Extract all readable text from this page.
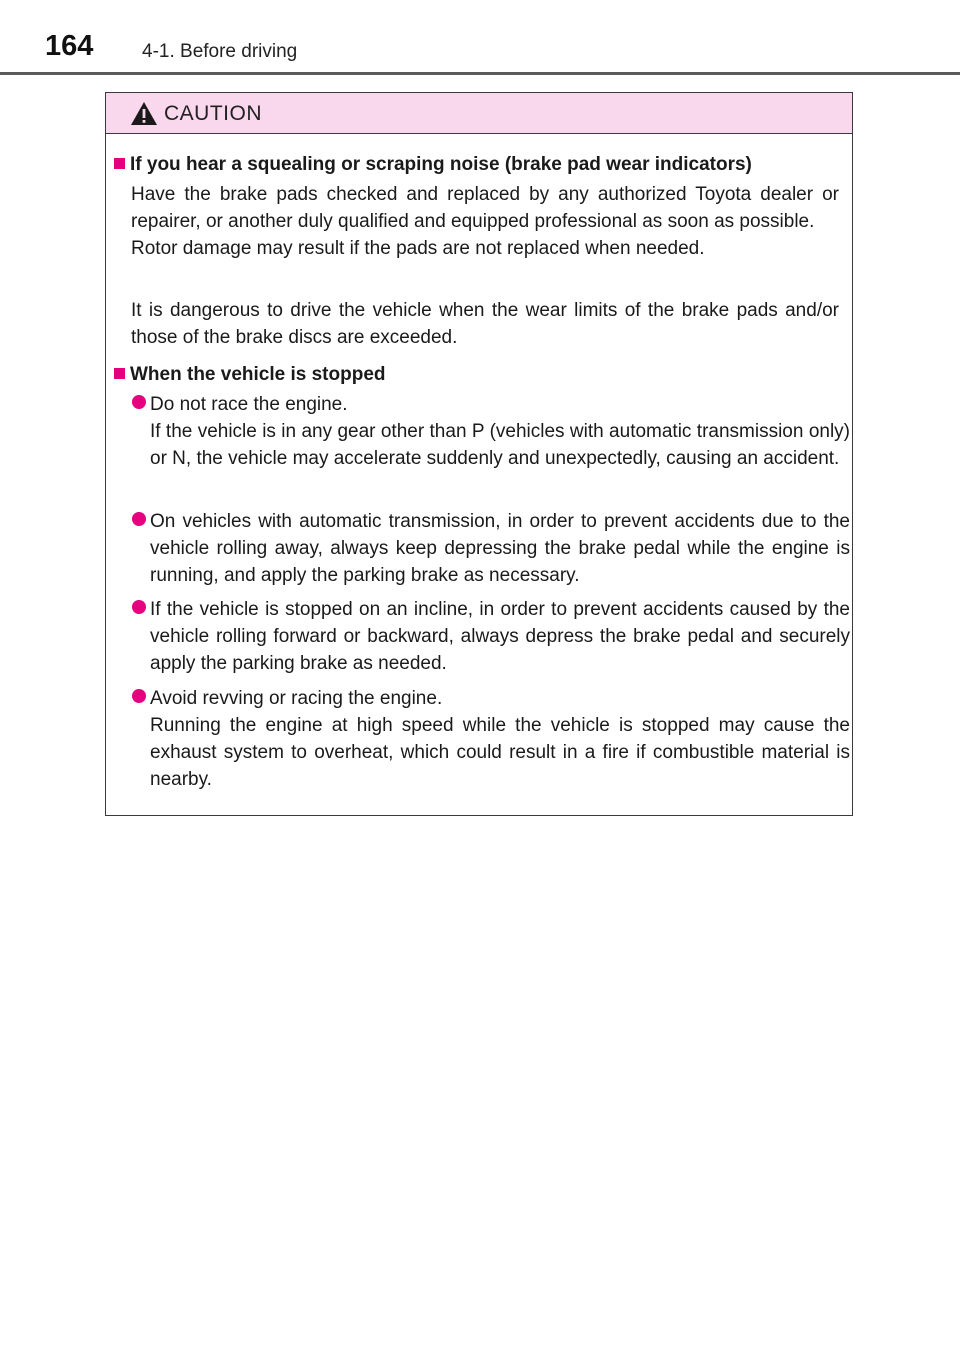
164	4-1. Before driving
CAUTION
If you hear a squealing or scraping noise (brake pad wear indicators)
Have the brake pads checked and replaced by any authorized Toyota dealer or repairer, or another duly qualified and equipped professional as soon as possible.
Rotor damage may result if the pads are not replaced when needed.
It is dangerous to drive the vehicle when the wear limits of the brake pads and/or those of the brake discs are exceeded.
When the vehicle is stopped
Do not race the engine.
If the vehicle is in any gear other than P (vehicles with automatic transmission only) or N, the vehicle may accelerate suddenly and unexpectedly, causing an accident.
On vehicles with automatic transmission, in order to prevent accidents due to the vehicle rolling away, always keep depressing the brake pedal while the engine is running, and apply the parking brake as necessary.
If the vehicle is stopped on an incline, in order to prevent accidents caused by the vehicle rolling forward or backward, always depress the brake pedal and securely apply the parking brake as needed.
Avoid revving or racing the engine.
Running the engine at high speed while the vehicle is stopped may cause the exhaust system to overheat, which could result in a fire if combustible material is nearby.
